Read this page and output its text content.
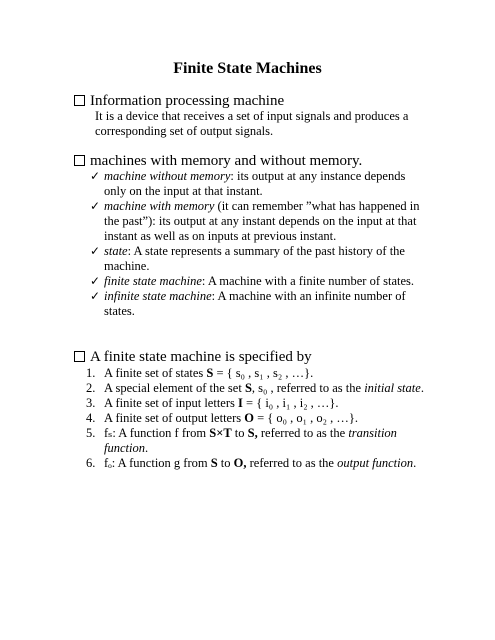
Finite State Machines
Information processing machine
It is a device that receives a set of input signals and produces a corresponding set of output signals.
machines with memory and without memory.
✓ machine without memory: its output at any instance depends only on the input at that instant.
✓ machine with memory (it can remember ”what has happened in the past”): its output at any instant depends on the input at that instant as well as on inputs at previous instant.
✓ state: A state represents a summary of the past history of the machine.
✓ finite state machine: A machine with a finite number of states.
✓ infinite state machine: A machine with an infinite number of states.
A finite state machine is specified by
1. A finite set of states S = { s₀ , s₁ , s₂ , …}.
2. A special element of the set S, s₀ , referred to as the initial state.
3. A finite set of input letters I = { i₀ , i₁ , i₂ , …}.
4. A finite set of output letters O = { o₀ , o₁ , o₂ , …}.
5. fₛ: A function f from S×T to S, referred to as the transition function.
6. fₒ: A function g from S to O, referred to as the output function.
